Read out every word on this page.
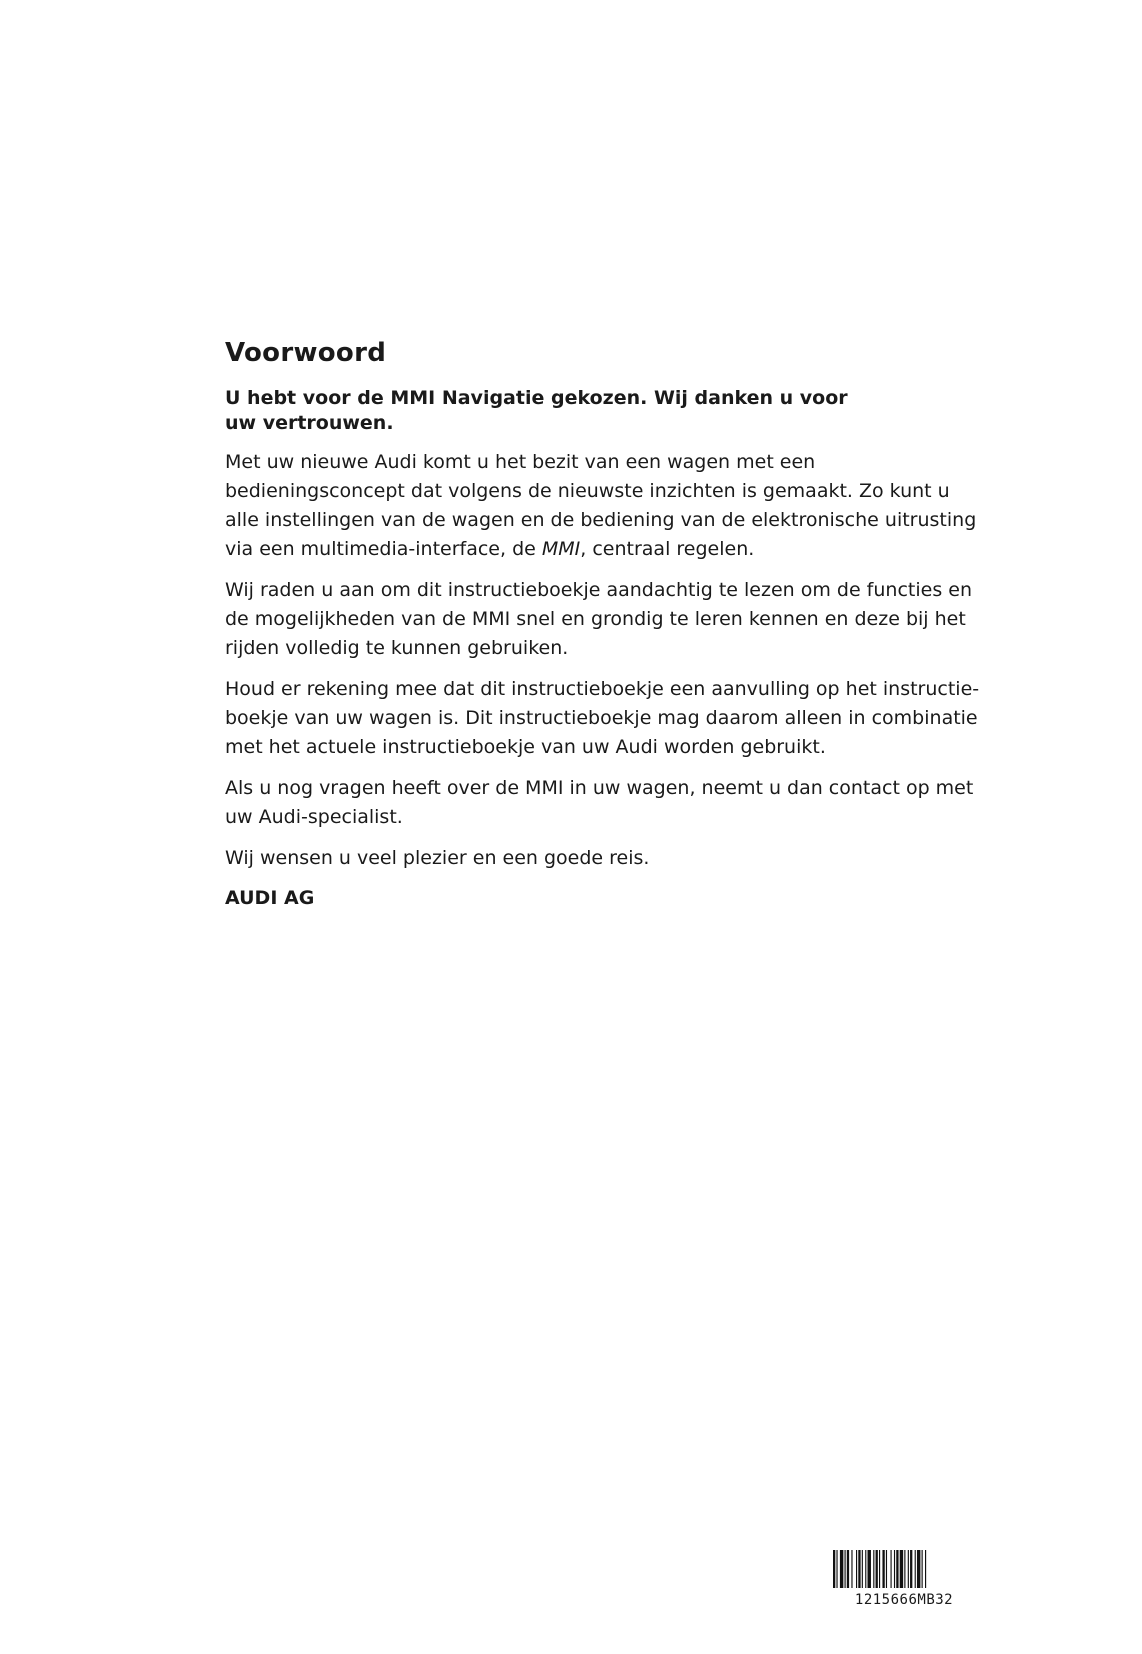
Voorwoord

U hebt voor de MMI Navigatie gekozen. Wij danken u voor uw vertrouwen.

Met uw nieuwe Audi komt u het bezit van een wagen met een bedieningsconcept dat volgens de nieuwste inzichten is gemaakt. Zo kunt u alle instellingen van de wagen en de bediening van de elektronische uitrusting via een multimedia-interface, de MMI, centraal regelen.

Wij raden u aan om dit instructieboekje aandachtig te lezen om de functies en de mogelijkheden van de MMI snel en grondig te leren kennen en deze bij het rijden volledig te kunnen gebruiken.

Houd er rekening mee dat dit instructieboekje een aanvulling op het instructieboekje van uw wagen is. Dit instructieboekje mag daarom alleen in combinatie met het actuele instructieboekje van uw Audi worden gebruikt.

Als u nog vragen heeft over de MMI in uw wagen, neemt u dan contact op met uw Audi-specialist.

Wij wensen u veel plezier en een goede reis.

AUDI AG

1215666MB32
